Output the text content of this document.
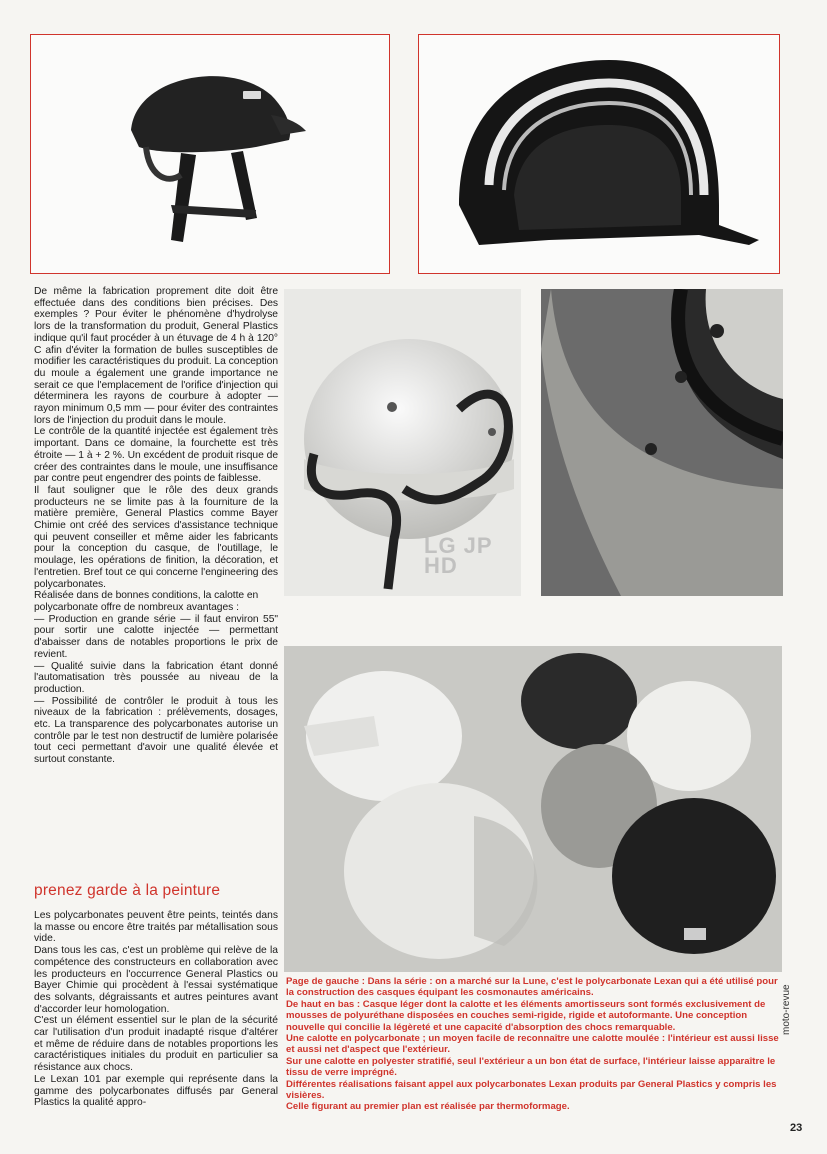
LG JP HD

De même la fabrication proprement dite doit être effectuée dans des conditions bien précises. Des exemples ? Pour éviter le phénomène d'hydrolyse lors de la transformation du produit, General Plastics indique qu'il faut procéder à un étuvage de 4 h à 120° C afin d'éviter la formation de bulles susceptibles de modifier les caractéristiques du produit. La conception du moule a également une grande importance ne serait ce que l'emplacement de l'orifice d'injection qui déterminera les rayons de courbure à adopter — rayon minimum 0,5 mm — pour éviter des contraintes lors de l'injection du produit dans le moule.

Le contrôle de la quantité injectée est également très important. Dans ce domaine, la fourchette est très étroite — 1 à + 2 %. Un excédent de produit risque de créer des contraintes dans le moule, une insuffisance par contre peut engendrer des points de faiblesse.

Il faut souligner que le rôle des deux grands producteurs ne se limite pas à la fourniture de la matière première, General Plastics comme Bayer Chimie ont créé des services d'assistance technique qui peuvent conseiller et même aider les fabricants pour la conception du casque, de l'outillage, le moulage, les opérations de finition, la décoration, et l'entretien. Bref tout ce qui concerne l'engineering des polycarbonates.

Réalisée dans de bonnes conditions, la calotte en polycarbonate offre de nombreux avantages :

— Production en grande série — il faut environ 55" pour sortir une calotte injectée — permettant d'abaisser dans de notables proportions le prix de revient.

— Qualité suivie dans la fabrication étant donné l'automatisation très poussée au niveau de la production.

— Possibilité de contrôler le produit à tous les niveaux de la fabrication : prélèvements, dosages, etc. La transparence des polycarbonates autorise un contrôle par le test non destructif de lumière polarisée tout ceci permettant d'avoir une qualité élevée et surtout constante.

prenez garde à la peinture

Les polycarbonates peuvent être peints, teintés dans la masse ou encore être traités par métallisation sous vide.

Dans tous les cas, c'est un problème qui relève de la compétence des constructeurs en collaboration avec les producteurs en l'occurrence General Plastics ou Bayer Chimie qui procèdent à l'essai systématique des solvants, dégraissants et autres peintures avant d'accorder leur homologation.

C'est un élément essentiel sur le plan de la sécurité car l'utilisation d'un produit inadapté risque d'altérer et même de réduire dans de notables proportions les caractéristiques initiales du produit en particulier sa résistance aux chocs.

Le Lexan 101 par exemple qui représente dans la gamme des polycarbonates diffusés par General Plastics la qualité appro-

Page de gauche : Dans la série : on a marché sur la Lune, c'est le polycarbonate Lexan qui a été utilisé pour la construction des casques équipant les cosmonautes américains.

De haut en bas : Casque léger dont la calotte et les éléments amortisseurs sont formés exclusivement de mousses de polyuréthane disposées en couches semi-rigide, rigide et autoformante. Une conception nouvelle qui concilie la légèreté et une capacité d'absorption des chocs remarquable.

Une calotte en polycarbonate ; un moyen facile de reconnaître une calotte moulée : l'intérieur est aussi lisse et aussi net d'aspect que l'extérieur.

Sur une calotte en polyester stratifié, seul l'extérieur a un bon état de surface, l'intérieur laisse apparaître le tissu de verre imprégné.

Différentes réalisations faisant appel aux polycarbonates Lexan produits par General Plastics y compris les visières.

Celle figurant au premier plan est réalisée par thermoformage.

moto-revue
23
